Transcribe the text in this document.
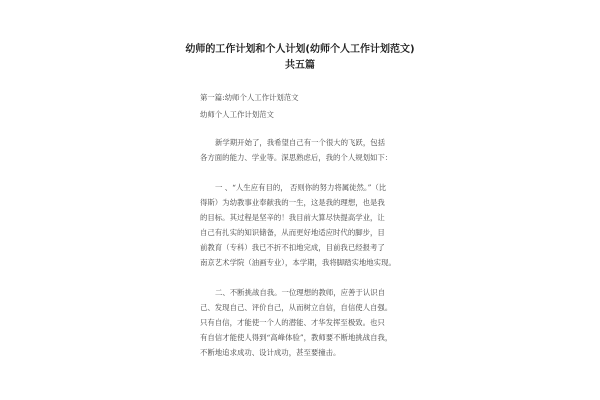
幼师的工作计划和个人计划(幼师个人工作计划范文)
共五篇
第一篇:幼师个人工作计划范文
幼师个人工作计划范文
新学期开始了，我希望自己有一个很大的飞跃，包括
各方面的能力、学业等。深思熟虑后，我的个人规划如下：
一 、“人生应有目的， 否则你的努力将属徒然。”（比
得斯）为幼教事业奉献我的一生，这是我的理想，也是我
的目标。其过程是坚辛的！我目前大算尽快提高学业，让
自己有扎实的知识储备，从而更好地适应时代的脚步，目
前教育（专科）我已不折不扣地完成，目前我已经报考了
南京艺术学院（油画专业），本学期，我将脚踏实地地实现。
二、不断挑战自我。一位理想的教师，应善于认识自
己、发现自己、评价自己，从而树立自信，自信使人自强。
只有自信，才能使一个人的潜能、才华发挥至极致。也只
有自信才能使人得到“高峰体验”，教师要不断地挑战自我，
不断地追求成功、设计成功，甚至要撞击。
